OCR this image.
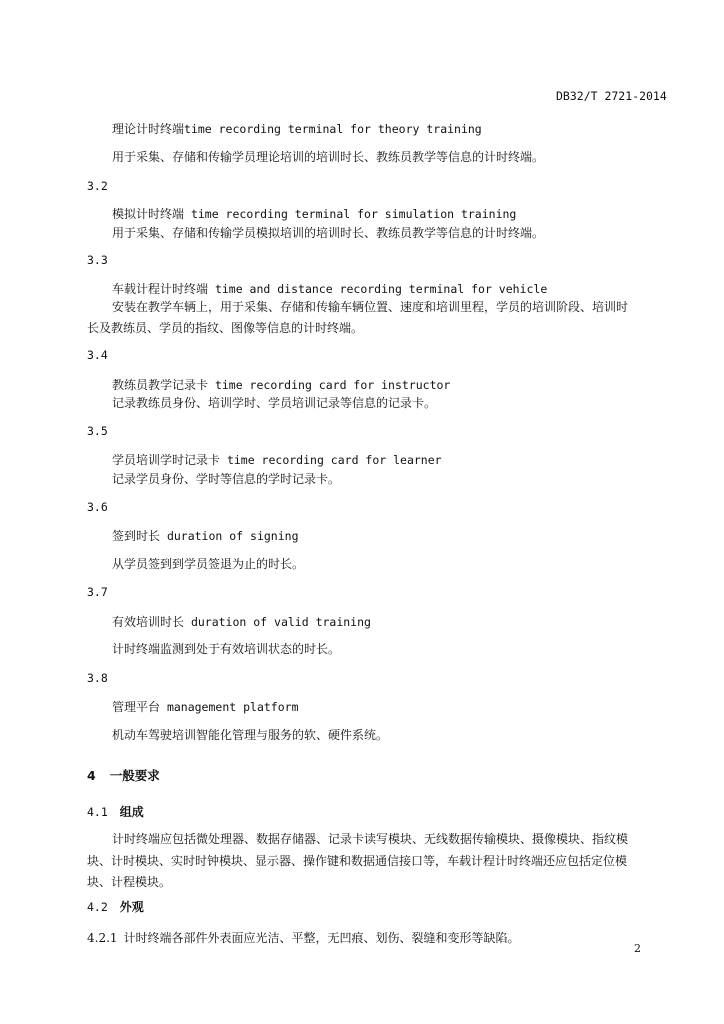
DB32/T 2721-2014
理论计时终端time recording terminal for theory training
用于采集、存储和传输学员理论培训的培训时长、教练员教学等信息的计时终端。
3.2
模拟计时终端 time recording terminal for simulation training
用于采集、存储和传输学员模拟培训的培训时长、教练员教学等信息的计时终端。
3.3
车载计程计时终端 time and distance recording terminal for vehicle
安装在教学车辆上，用于采集、存储和传输车辆位置、速度和培训里程，学员的培训阶段、培训时
长及教练员、学员的指纹、图像等信息的计时终端。
3.4
教练员教学记录卡 time recording card for instructor
记录教练员身份、培训学时、学员培训记录等信息的记录卡。
3.5
学员培训学时记录卡 time recording card for learner
记录学员身份、学时等信息的学时记录卡。
3.6
签到时长 duration of signing
从学员签到到学员签退为止的时长。
3.7
有效培训时长 duration of valid training
计时终端监测到处于有效培训状态的时长。
3.8
管理平台 management platform
机动车驾驶培训智能化管理与服务的软、硬件系统。
4 一般要求
4.1 组成
计时终端应包括微处理器、数据存储器、记录卡读写模块、无线数据传输模块、摄像模块、指纹模
块、计时模块、实时时钟模块、显示器、操作键和数据通信接口等，车载计程计时终端还应包括定位模
块、计程模块。
4.2 外观
4.2.1 计时终端各部件外表面应光洁、平整，无凹痕、划伤、裂缝和变形等缺陷。
2
